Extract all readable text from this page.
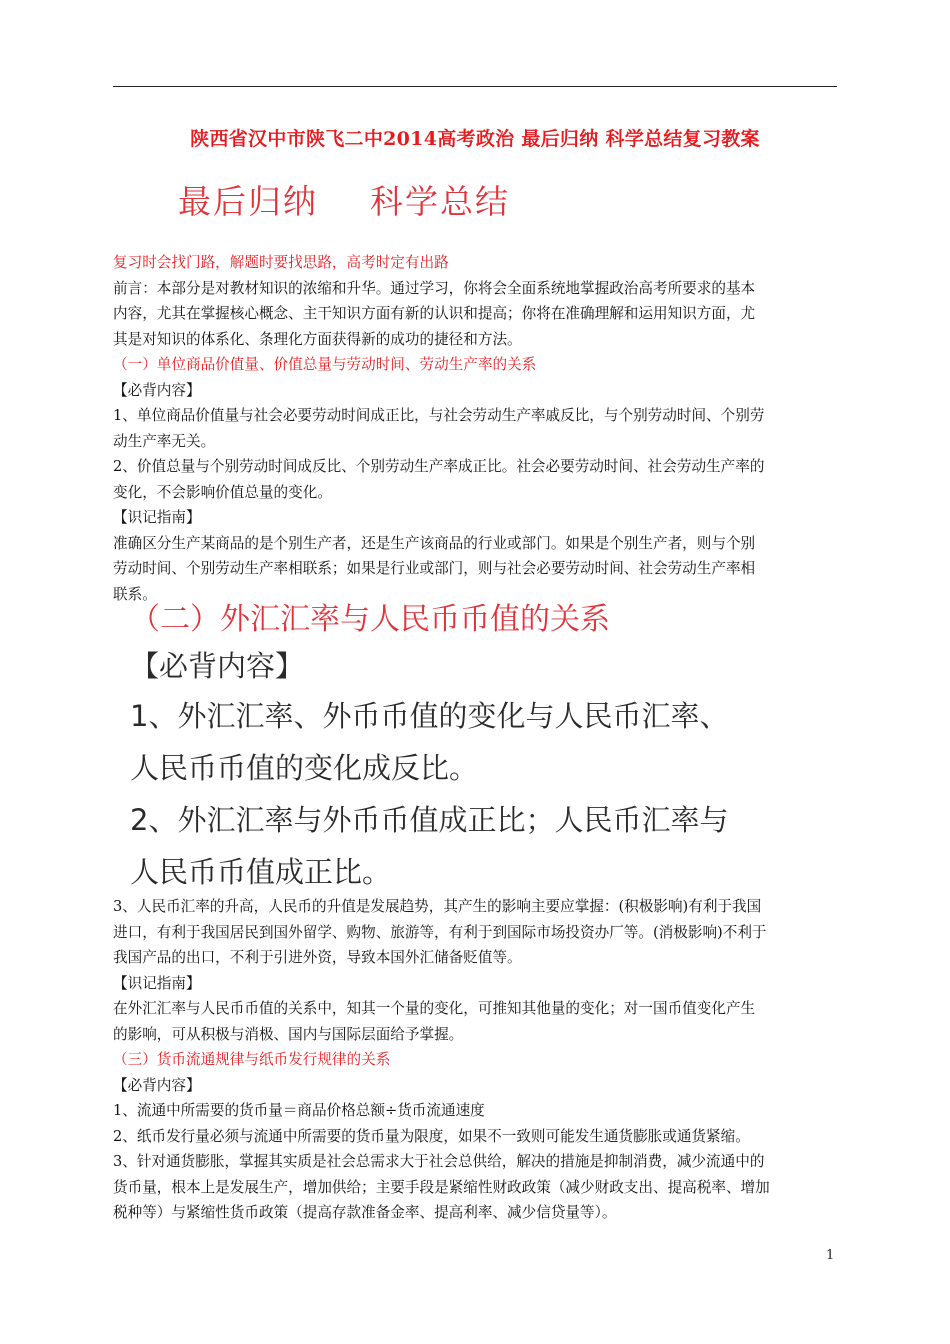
陕西省汉中市陕飞二中2014高考政治 最后归纳 科学总结复习教案
最后归纳 科学总结
复习时会找门路，解题时要找思路，高考时定有出路
前言：本部分是对教材知识的浓缩和升华。通过学习，你将会全面系统地掌握政治高考所要求的基本
内容，尤其在掌握核心概念、主干知识方面有新的认识和提高；你将在准确理解和运用知识方面，尤
其是对知识的体系化、条理化方面获得新的成功的捷径和方法。
（一）单位商品价值量、价值总量与劳动时间、劳动生产率的关系
【必背内容】
1、单位商品价值量与社会必要劳动时间成正比，与社会劳动生产率戚反比，与个别劳动时间、个别劳
动生产率无关。
2、价值总量与个别劳动时间成反比、个别劳动生产率成正比。社会必要劳动时间、社会劳动生产率的
变化，不会影响价值总量的变化。
【识记指南】
准确区分生产某商品的是个别生产者，还是生产该商品的行业或部门。如果是个别生产者，则与个别
劳动时间、个别劳动生产率相联系；如果是行业或部门，则与社会必要劳动时间、社会劳动生产率相
联系。
（二）外汇汇率与人民币币值的关系
【必背内容】
1、外汇汇率、外币币值的变化与人民币汇率、
人民币币值的变化成反比。
2、外汇汇率与外币币值成正比；人民币汇率与
人民币币值成正比。
3、人民币汇率的升高，人民币的升值是发展趋势，其产生的影响主要应掌握：(积极影响)有利于我国
进口，有利于我国居民到国外留学、购物、旅游等，有利于到国际市场投资办厂等。(消极影响)不利于
我国产品的出口，不利于引进外资，导致本国外汇储备贬值等。
【识记指南】
在外汇汇率与人民币币值的关系中，知其一个量的变化，可推知其他量的变化；对一国币值变化产生
的影响，可从积极与消极、国内与国际层面给予掌握。
（三）货币流通规律与纸币发行规律的关系
【必背内容】
1、流通中所需要的货币量＝商品价格总额÷货币流通速度
2、纸币发行量必须与流通中所需要的货币量为限度，如果不一致则可能发生通货膨胀或通货紧缩。
3、针对通货膨胀，掌握其实质是社会总需求大于社会总供给，解决的措施是抑制消费，减少流通中的
货币量，根本上是发展生产，增加供给；主要手段是紧缩性财政政策（减少财政支出、提高税率、增加
税种等）与紧缩性货币政策（提高存款准备金率、提高利率、减少信贷量等）。
1
